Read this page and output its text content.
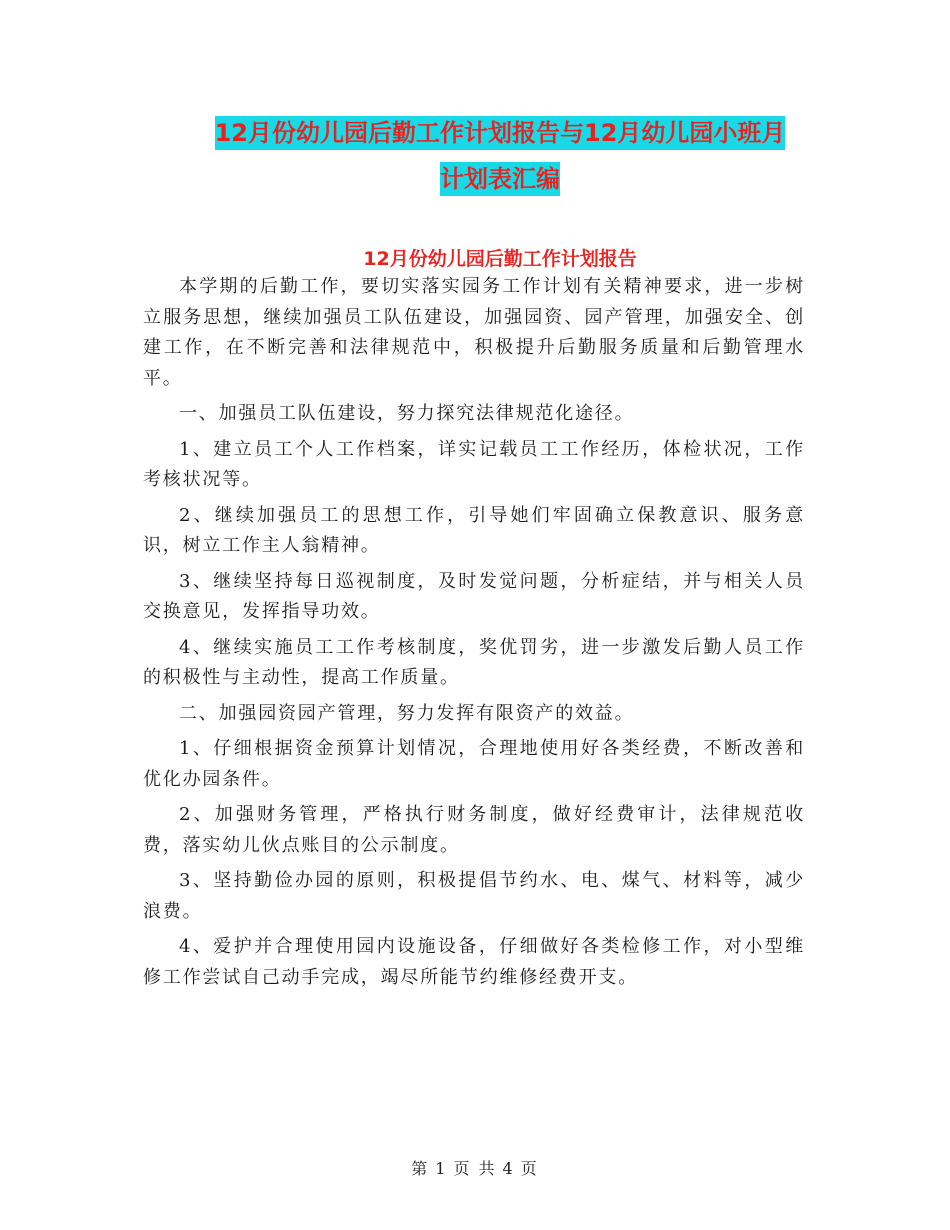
12月份幼儿园后勤工作计划报告与12月幼儿园小班月
计划表汇编
12月份幼儿园后勤工作计划报告

本学期的后勤工作，要切实落实园务工作计划有关精神要求，进一步树立服务思想，继续加强员工队伍建设，加强园资、园产管理，加强安全、创建工作，在不断完善和法律规范中，积极提升后勤服务质量和后勤管理水平。

一、加强员工队伍建设，努力探究法律规范化途径。

1、建立员工个人工作档案，详实记载员工工作经历，体检状况，工作考核状况等。

2、继续加强员工的思想工作，引导她们牢固确立保教意识、服务意识，树立工作主人翁精神。

3、继续坚持每日巡视制度，及时发觉问题，分析症结，并与相关人员交换意见，发挥指导功效。

4、继续实施员工工作考核制度，奖优罚劣，进一步激发后勤人员工作的积极性与主动性，提高工作质量。

二、加强园资园产管理，努力发挥有限资产的效益。

1、仔细根据资金预算计划情况，合理地使用好各类经费，不断改善和优化办园条件。

2、加强财务管理，严格执行财务制度，做好经费审计，法律规范收费，落实幼儿伙点账目的公示制度。

3、坚持勤俭办园的原则，积极提倡节约水、电、煤气、材料等，减少浪费。

4、爱护并合理使用园内设施设备，仔细做好各类检修工作，对小型维修工作尝试自己动手完成，竭尽所能节约维修经费开支。

第 1 页 共 4 页
